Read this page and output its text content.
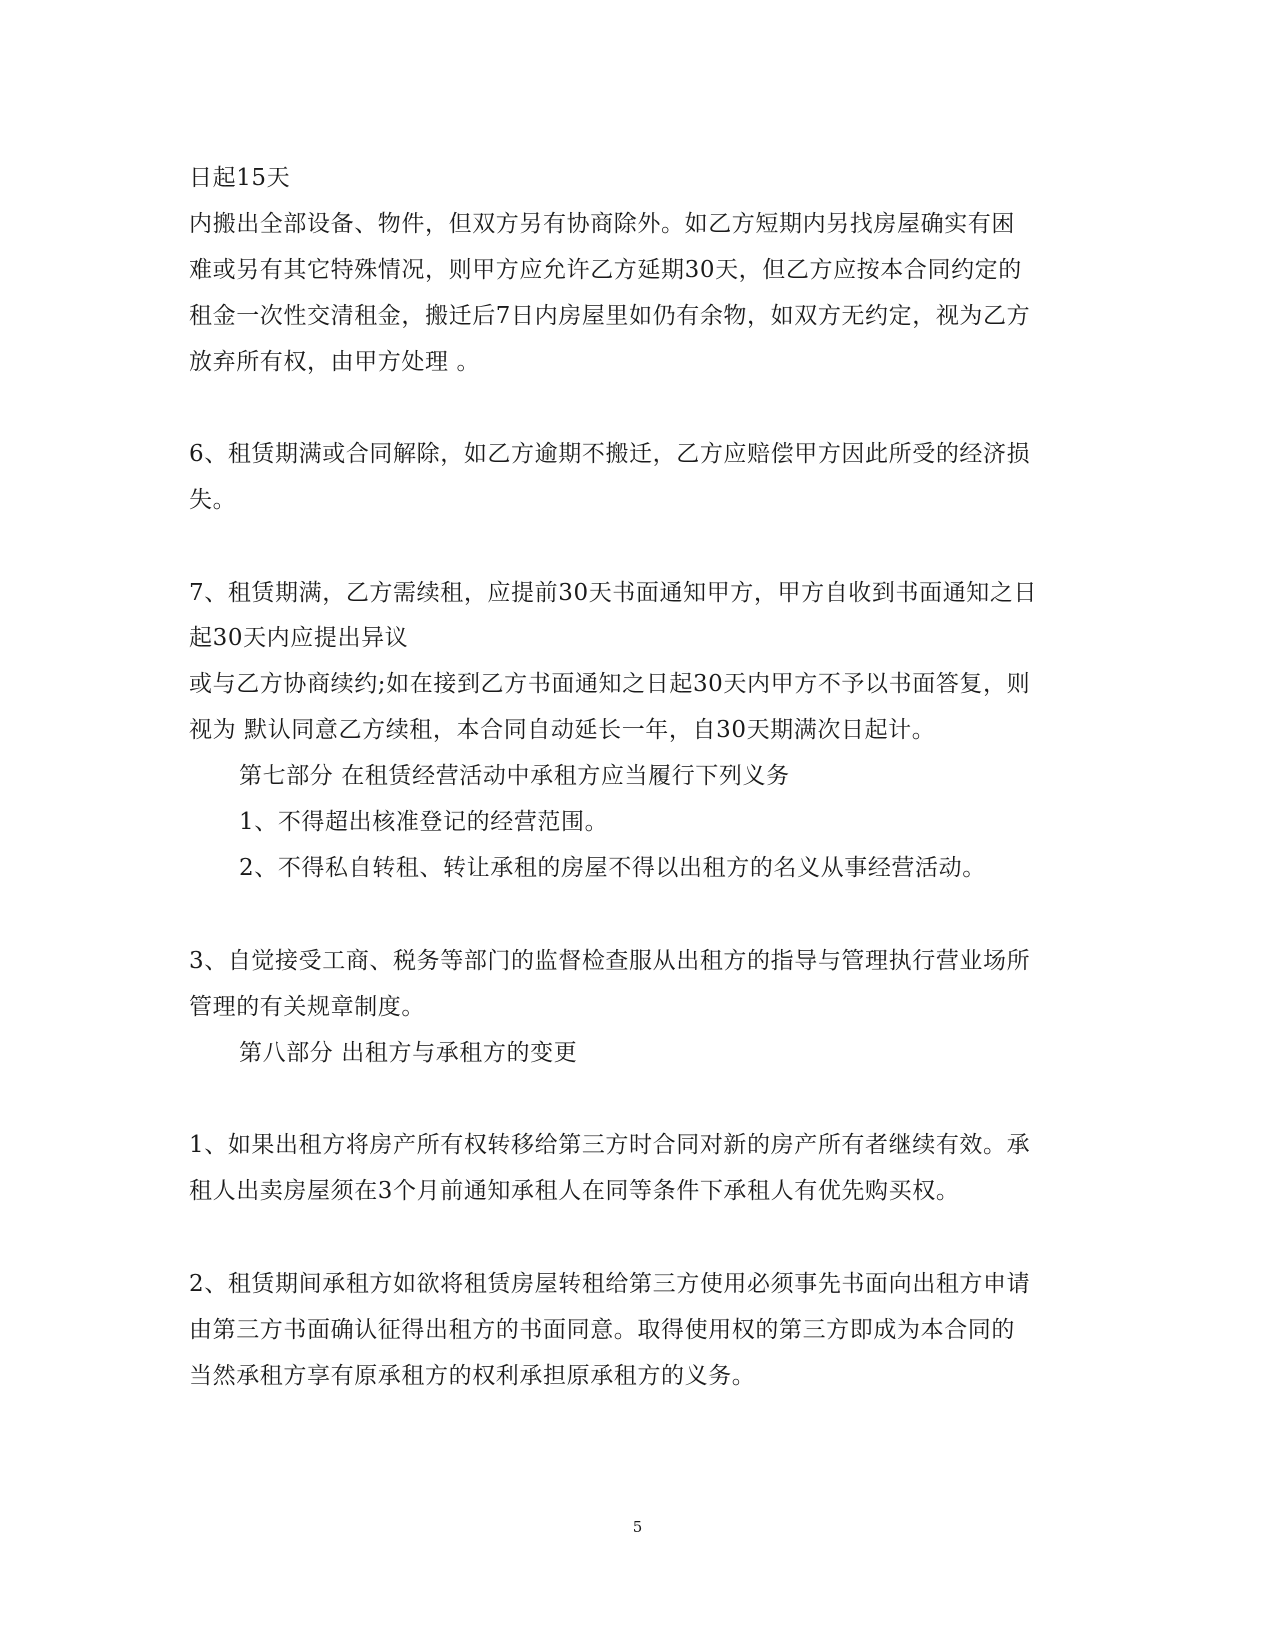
日起15天
内搬出全部设备、物件，但双方另有协商除外。如乙方短期内另找房屋确实有困
难或另有其它特殊情况，则甲方应允许乙方延期30天，但乙方应按本合同约定的
租金一次性交清租金，搬迁后7日内房屋里如仍有余物，如双方无约定，视为乙方
放弃所有权，由甲方处理 。
6、租赁期满或合同解除，如乙方逾期不搬迁，乙方应赔偿甲方因此所受的经济损
失。
7、租赁期满，乙方需续租，应提前30天书面通知甲方，甲方自收到书面通知之日
起30天内应提出异议
或与乙方协商续约;如在接到乙方书面通知之日起30天内甲方不予以书面答复，则
视为 默认同意乙方续租，本合同自动延长一年，自30天期满次日起计。
第七部分 在租赁经营活动中承租方应当履行下列义务
1、不得超出核准登记的经营范围。
2、不得私自转租、转让承租的房屋不得以出租方的名义从事经营活动。
3、自觉接受工商、税务等部门的监督检查服从出租方的指导与管理执行营业场所
管理的有关规章制度。
第八部分 出租方与承租方的变更
1、如果出租方将房产所有权转移给第三方时合同对新的房产所有者继续有效。承
租人出卖房屋须在3个月前通知承租人在同等条件下承租人有优先购买权。
2、租赁期间承租方如欲将租赁房屋转租给第三方使用必须事先书面向出租方申请
由第三方书面确认征得出租方的书面同意。取得使用权的第三方即成为本合同的
当然承租方享有原承租方的权利承担原承租方的义务。
5
